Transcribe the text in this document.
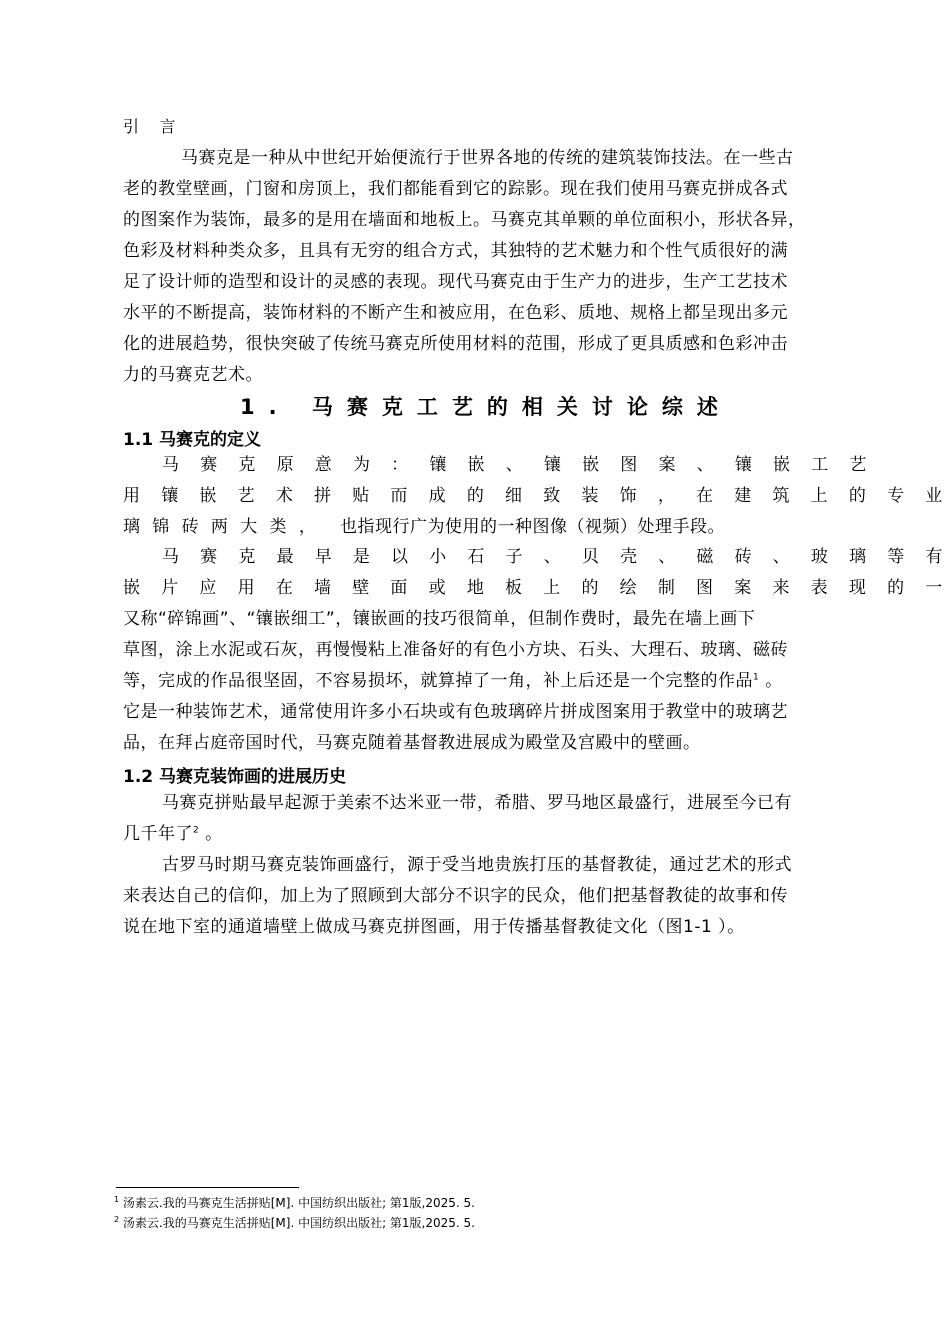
引 言
马赛克是一种从中世纪开始便流行于世界各地的传统的建筑装饰技法。在一些古
老的教堂壁画，门窗和房顶上，我们都能看到它的踪影。现在我们使用马赛克拼成各式
的图案作为装饰，最多的是用在墙面和地板上。马赛克其单颗的单位面积小，形状各异，
色彩及材料种类众多，且具有无穷的组合方式，其独特的艺术魅力和个性气质很好的满
足了设计师的造型和设计的灵感的表现。现代马赛克由于生产力的进步，生产工艺技术
水平的不断提高，装饰材料的不断产生和被应用，在色彩、质地、规格上都呈现出多元
化的进展趋势，很快突破了传统马赛克所使用材料的范围，形成了更具质感和色彩冲击
力的马赛克艺术。
1. 马赛克工艺的相关讨论综述
1.1 马赛克的定义
马 赛 克 原 意 为 ： 镶 嵌 、 镶 嵌 图 案 、 镶 嵌 工 艺
用 镶 嵌 艺 术 拼 贴 而 成 的 细 致 装 饰 ， 在 建 筑 上 的 专 业
璃  锦  砖  两  大  类  ，    也指现行广为使用的一种图像（视频）处理手段。
马 赛 克 最 早 是 以 小 石 子 、 贝 壳 、 磁 砖 、 玻 璃 等 有
嵌 片 应 用 在 墙 壁 面 或 地 板 上 的 绘 制 图 案 来 表 现 的 一
又称“碎锦画”、“镶嵌细工”，镶嵌画的技巧很简单，但制作费时，最先在墙上画下
草图，涂上水泥或石灰，再慢慢粘上准备好的有色小方块、石头、大理石、玻璃、磁砖
等，完成的作品很坚固，不容易损坏，就算掉了一角，补上后还是一个完整的作品$^1$ 。
它是一种装饰艺术，通常使用许多小石块或有色玻璃碎片拼成图案用于教堂中的玻璃艺
品，在拜占庭帝国时代，马赛克随着基督教进展成为殿堂及宫殿中的壁画。
1.2 马赛克装饰画的进展历史
马赛克拼贴最早起源于美索不达米亚一带，希腊、罗马地区最盛行，进展至今已有
几千年了$^2$ 。
古罗马时期马赛克装饰画盛行，源于受当地贵族打压的基督教徒，通过艺术的形式
来表达自己的信仰，加上为了照顾到大部分不识字的民众，他们把基督教徒的故事和传
说在地下室的通道墙壁上做成马赛克拼图画，用于传播基督教徒文化（图1-1 ）。
$^1$ 汤素云.我的马赛克生活拼贴[M]. 中国纺织出版社; 第1版,2025. 5.
$^2$ 汤素云.我的马赛克生活拼贴[M]. 中国纺织出版社; 第1版,2025. 5.
